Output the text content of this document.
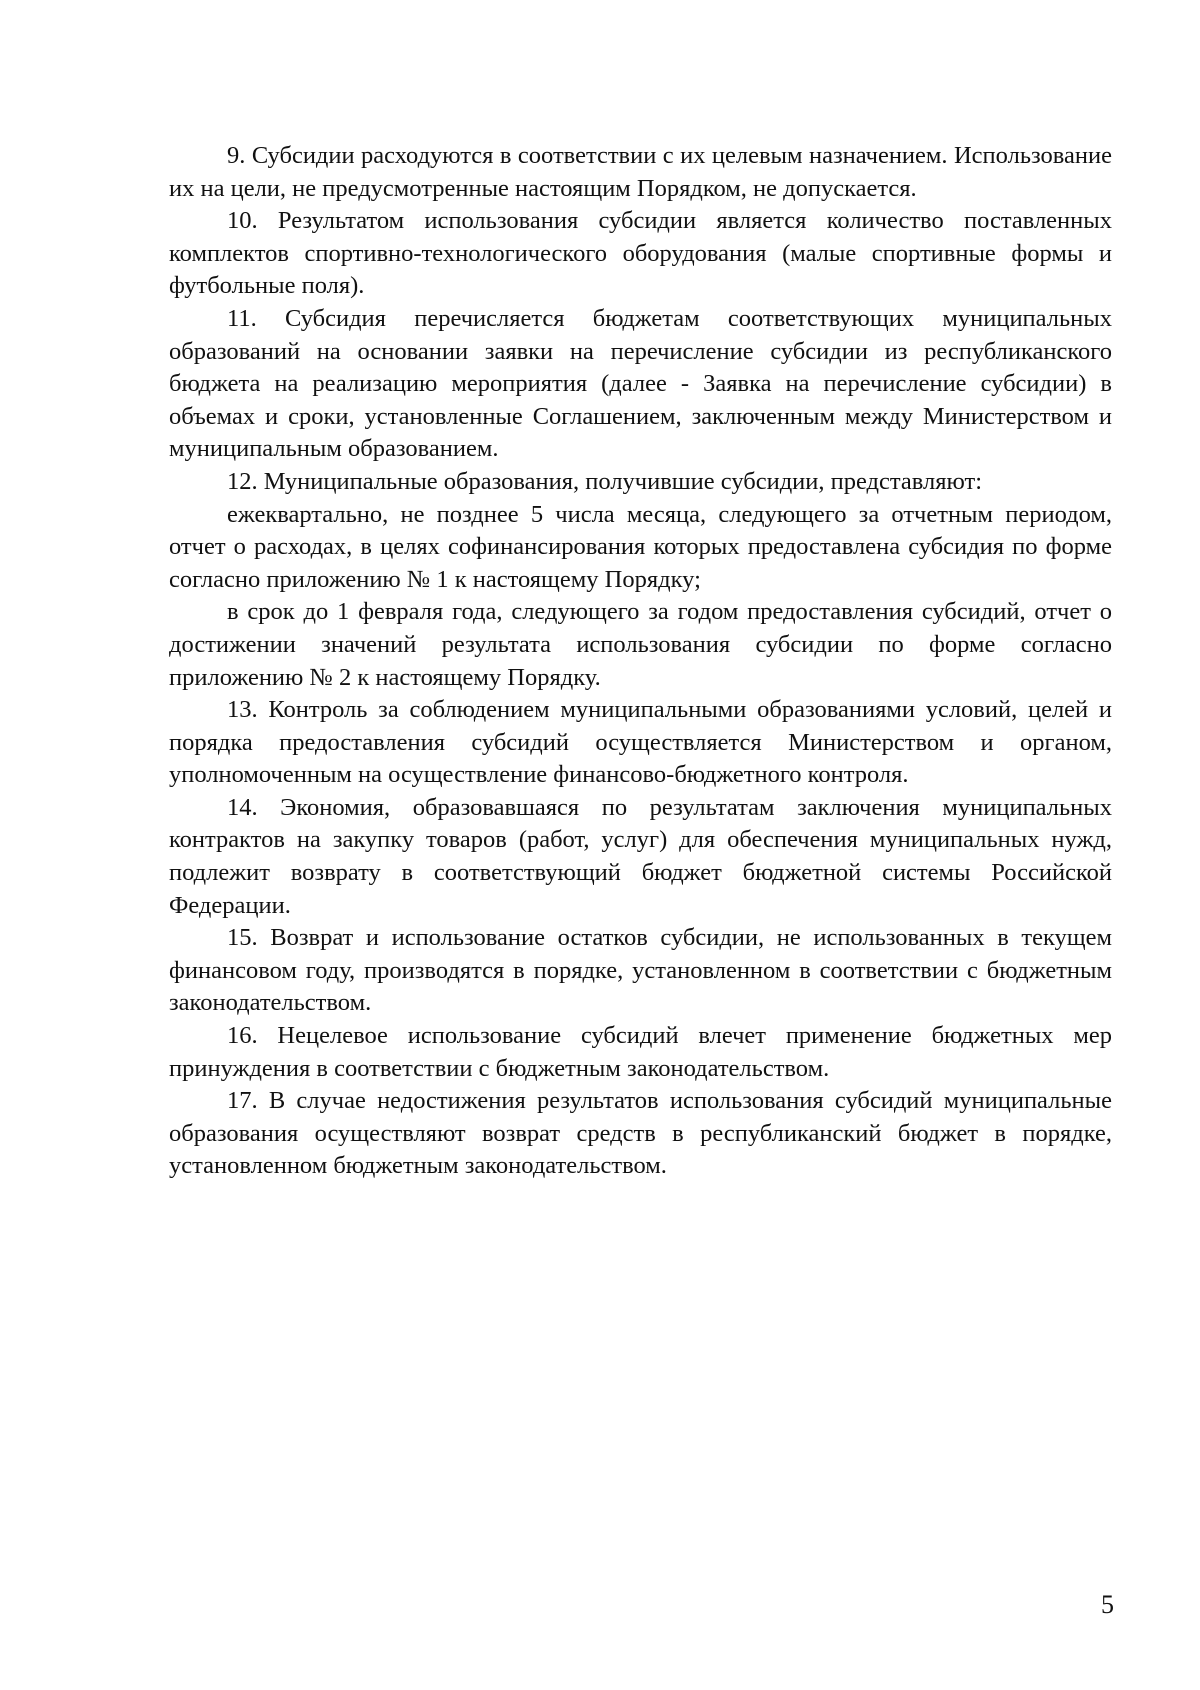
9. Субсидии расходуются в соответствии с их целевым назначением. Использование их на цели, не предусмотренные настоящим Порядком, не допускается.

10. Результатом использования субсидии является количество поставленных комплектов спортивно-технологического оборудования (малые спортивные формы и футбольные поля).

11. Субсидия перечисляется бюджетам соответствующих муниципальных образований на основании заявки на перечисление субсидии из республиканского бюджета на реализацию мероприятия (далее - Заявка на перечисление субсидии) в объемах и сроки, установленные Соглашением, заключенным между Министерством и муниципальным образованием.

12. Муниципальные образования, получившие субсидии, представляют:

ежеквартально, не позднее 5 числа месяца, следующего за отчетным периодом, отчет о расходах, в целях софинансирования которых предоставлена субсидия по форме согласно приложению № 1 к настоящему Порядку;

в срок до 1 февраля года, следующего за годом предоставления субсидий, отчет о достижении значений результата использования субсидии по форме согласно приложению № 2 к настоящему Порядку.

13. Контроль за соблюдением муниципальными образованиями условий, целей и порядка предоставления субсидий осуществляется Министерством и органом, уполномоченным на осуществление финансово-бюджетного контроля.

14. Экономия, образовавшаяся по результатам заключения муниципальных контрактов на закупку товаров (работ, услуг) для обеспечения муниципальных нужд, подлежит возврату в соответствующий бюджет бюджетной системы Российской Федерации.

15. Возврат и использование остатков субсидии, не использованных в текущем финансовом году, производятся в порядке, установленном в соответствии с бюджетным законодательством.

16. Нецелевое использование субсидий влечет применение бюджетных мер принуждения в соответствии с бюджетным законодательством.

17. В случае недостижения результатов использования субсидий муниципальные образования осуществляют возврат средств в республиканский бюджет в порядке, установленном бюджетным законодательством.

5
